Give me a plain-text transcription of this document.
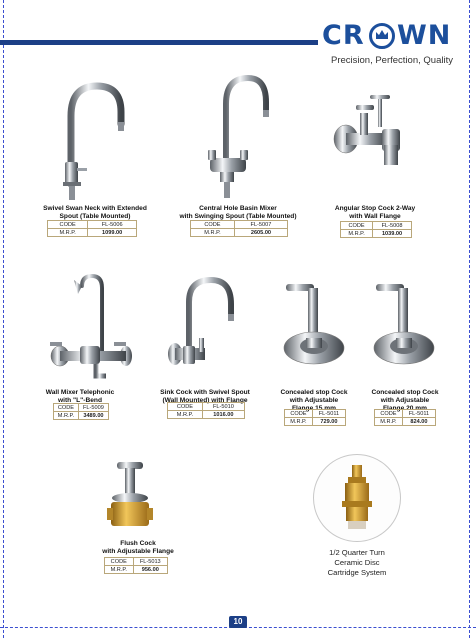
CR WN
Precision, Perfection, Quality
Swivel Swan Neck with Extended
Spout (Table Mounted)
CODE	FL-5006
M.R.P.	1099.00
Central Hole Basin Mixer
with Swinging Spout (Table Mounted)
CODE	FL-5007
M.R.P.	2605.00
Angular Stop Cock 2-Way
with Wall Flange
CODE	FL-5008
M.R.P.	1039.00
Wall Mixer Telephonic
with "L"-Bend
CODE	FL-5009
M.R.P.	3489.00
Sink Cock with Swivel Spout
(Wall Mounted) with Flange
CODE	FL-5010
M.R.P.	1016.00
Concealed stop Cock
with Adjustable
Flange 15 mm
CODE	FL-5011
M.R.P.	729.00
Concealed stop Cock
with Adjustable
Flange 20 mm
CODE	FL-5011
M.R.P.	824.00
Flush Cock
with Adjustable Flange
CODE	FL-5013
M.R.P.	956.00
1/2 Quarter Turn
Ceramic Disc
Cartridge System
10
